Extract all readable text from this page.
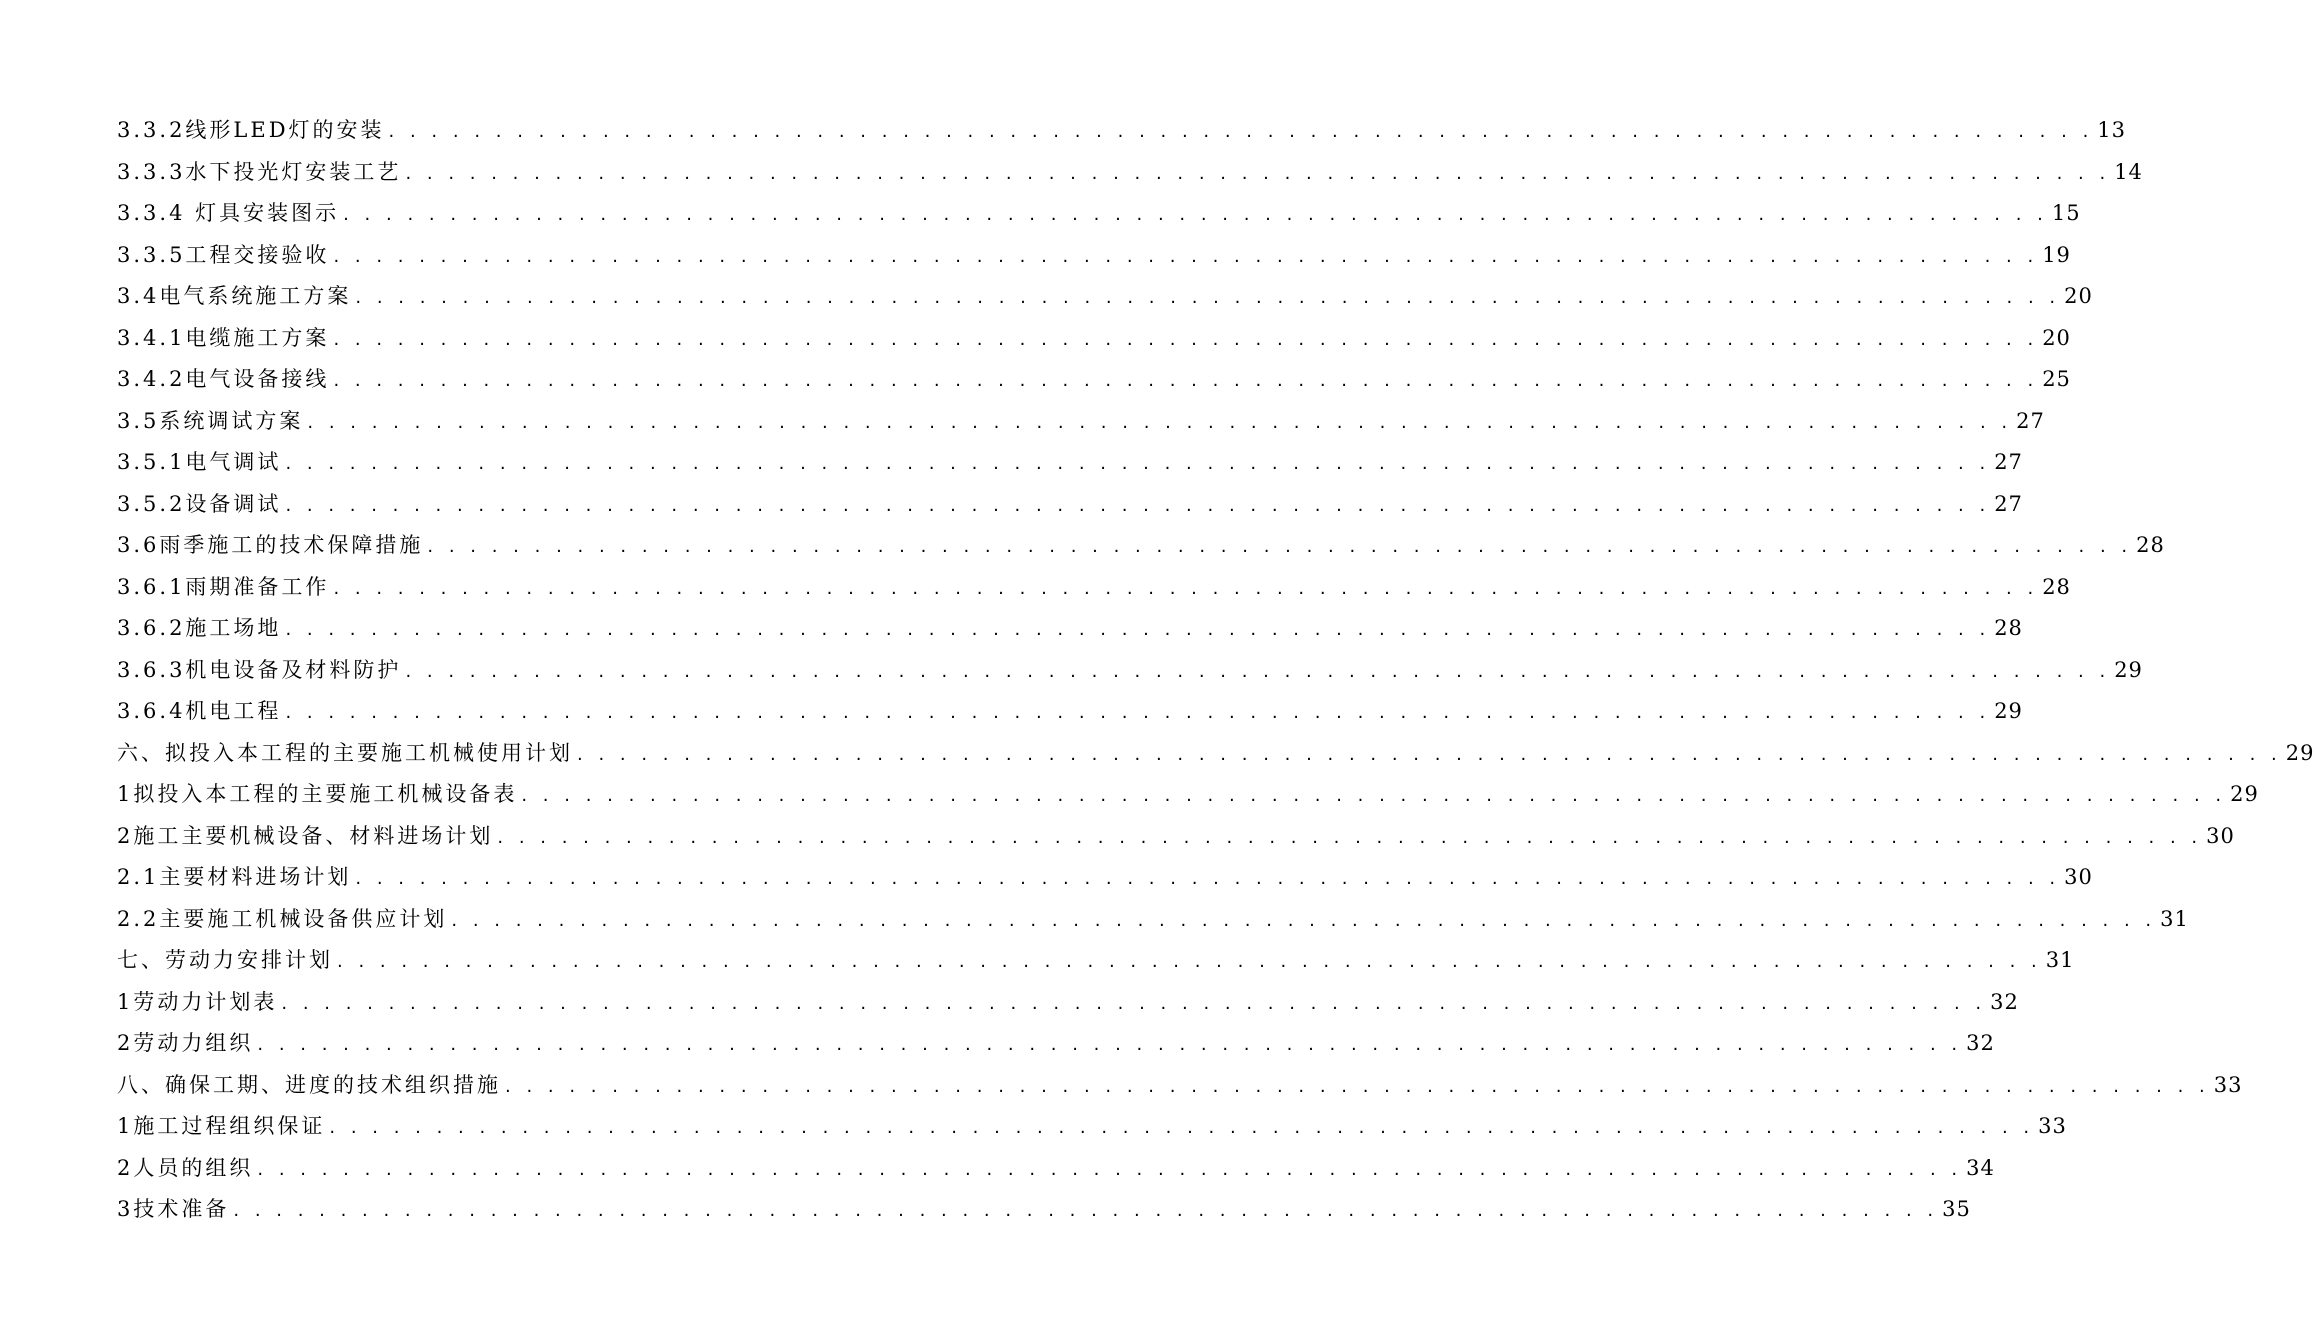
3.3.2线形LED灯的安装 . . . . . . . . . . . . . . . . . . . . . . . . . . . . . . . . . . . . . . . . . . . . . . . . . . . . . . . . . . . . . . . . . . . . . . . . . . . . . . . . 13
3.3.3水下投光灯安装工艺 . . . . . . . . . . . . . . . . . . . . . . . . . . . . . . . . . . . . . . . . . . . . . . . . . . . . . . . . . . . . . . . . . . . . . . . . . . . . . . . . 14
3.3.4 灯具安装图示 . . . . . . . . . . . . . . . . . . . . . . . . . . . . . . . . . . . . . . . . . . . . . . . . . . . . . . . . . . . . . . . . . . . . . . . . . . . . . . . . 15
3.3.5工程交接验收 . . . . . . . . . . . . . . . . . . . . . . . . . . . . . . . . . . . . . . . . . . . . . . . . . . . . . . . . . . . . . . . . . . . . . . . . . . . . . . . . 19
3.4电气系统施工方案 . . . . . . . . . . . . . . . . . . . . . . . . . . . . . . . . . . . . . . . . . . . . . . . . . . . . . . . . . . . . . . . . . . . . . . . . . . . . . . . . 20
3.4.1电缆施工方案 . . . . . . . . . . . . . . . . . . . . . . . . . . . . . . . . . . . . . . . . . . . . . . . . . . . . . . . . . . . . . . . . . . . . . . . . . . . . . . . . 20
3.4.2电气设备接线 . . . . . . . . . . . . . . . . . . . . . . . . . . . . . . . . . . . . . . . . . . . . . . . . . . . . . . . . . . . . . . . . . . . . . . . . . . . . . . . . 25
3.5系统调试方案 . . . . . . . . . . . . . . . . . . . . . . . . . . . . . . . . . . . . . . . . . . . . . . . . . . . . . . . . . . . . . . . . . . . . . . . . . . . . . . . . 27
3.5.1电气调试 . . . . . . . . . . . . . . . . . . . . . . . . . . . . . . . . . . . . . . . . . . . . . . . . . . . . . . . . . . . . . . . . . . . . . . . . . . . . . . . . 27
3.5.2设备调试 . . . . . . . . . . . . . . . . . . . . . . . . . . . . . . . . . . . . . . . . . . . . . . . . . . . . . . . . . . . . . . . . . . . . . . . . . . . . . . . . 27
3.6雨季施工的技术保障措施 . . . . . . . . . . . . . . . . . . . . . . . . . . . . . . . . . . . . . . . . . . . . . . . . . . . . . . . . . . . . . . . . . . . . . . . . . . . . . . . . 28
3.6.1雨期准备工作 . . . . . . . . . . . . . . . . . . . . . . . . . . . . . . . . . . . . . . . . . . . . . . . . . . . . . . . . . . . . . . . . . . . . . . . . . . . . . . . . 28
3.6.2施工场地 . . . . . . . . . . . . . . . . . . . . . . . . . . . . . . . . . . . . . . . . . . . . . . . . . . . . . . . . . . . . . . . . . . . . . . . . . . . . . . . . 28
3.6.3机电设备及材料防护 . . . . . . . . . . . . . . . . . . . . . . . . . . . . . . . . . . . . . . . . . . . . . . . . . . . . . . . . . . . . . . . . . . . . . . . . . . . . . . . . 29
3.6.4机电工程 . . . . . . . . . . . . . . . . . . . . . . . . . . . . . . . . . . . . . . . . . . . . . . . . . . . . . . . . . . . . . . . . . . . . . . . . . . . . . . . . 29
六、拟投入本工程的主要施工机械使用计划 . . . . . . . . . . . . . . . . . . . . . . . . . . . . . . . . . . . . . . . . . . . . . . . . . . . . . . . . . . . . . . . . . . . . . . . . . . . . . . . . 29
1拟投入本工程的主要施工机械设备表 . . . . . . . . . . . . . . . . . . . . . . . . . . . . . . . . . . . . . . . . . . . . . . . . . . . . . . . . . . . . . . . . . . . . . . . . . . . . . . . . 29
2施工主要机械设备、材料进场计划 . . . . . . . . . . . . . . . . . . . . . . . . . . . . . . . . . . . . . . . . . . . . . . . . . . . . . . . . . . . . . . . . . . . . . . . . . . . . . . . . 30
2.1主要材料进场计划 . . . . . . . . . . . . . . . . . . . . . . . . . . . . . . . . . . . . . . . . . . . . . . . . . . . . . . . . . . . . . . . . . . . . . . . . . . . . . . . . 30
2.2主要施工机械设备供应计划 . . . . . . . . . . . . . . . . . . . . . . . . . . . . . . . . . . . . . . . . . . . . . . . . . . . . . . . . . . . . . . . . . . . . . . . . . . . . . . . . 31
七、劳动力安排计划 . . . . . . . . . . . . . . . . . . . . . . . . . . . . . . . . . . . . . . . . . . . . . . . . . . . . . . . . . . . . . . . . . . . . . . . . . . . . . . . . 31
1劳动力计划表 . . . . . . . . . . . . . . . . . . . . . . . . . . . . . . . . . . . . . . . . . . . . . . . . . . . . . . . . . . . . . . . . . . . . . . . . . . . . . . . . 32
2劳动力组织 . . . . . . . . . . . . . . . . . . . . . . . . . . . . . . . . . . . . . . . . . . . . . . . . . . . . . . . . . . . . . . . . . . . . . . . . . . . . . . . . 32
八、确保工期、进度的技术组织措施 . . . . . . . . . . . . . . . . . . . . . . . . . . . . . . . . . . . . . . . . . . . . . . . . . . . . . . . . . . . . . . . . . . . . . . . . . . . . . . . . 33
1施工过程组织保证 . . . . . . . . . . . . . . . . . . . . . . . . . . . . . . . . . . . . . . . . . . . . . . . . . . . . . . . . . . . . . . . . . . . . . . . . . . . . . . . . 33
2人员的组织 . . . . . . . . . . . . . . . . . . . . . . . . . . . . . . . . . . . . . . . . . . . . . . . . . . . . . . . . . . . . . . . . . . . . . . . . . . . . . . . . 34
3技术准备 . . . . . . . . . . . . . . . . . . . . . . . . . . . . . . . . . . . . . . . . . . . . . . . . . . . . . . . . . . . . . . . . . . . . . . . . . . . . . . . . 35
